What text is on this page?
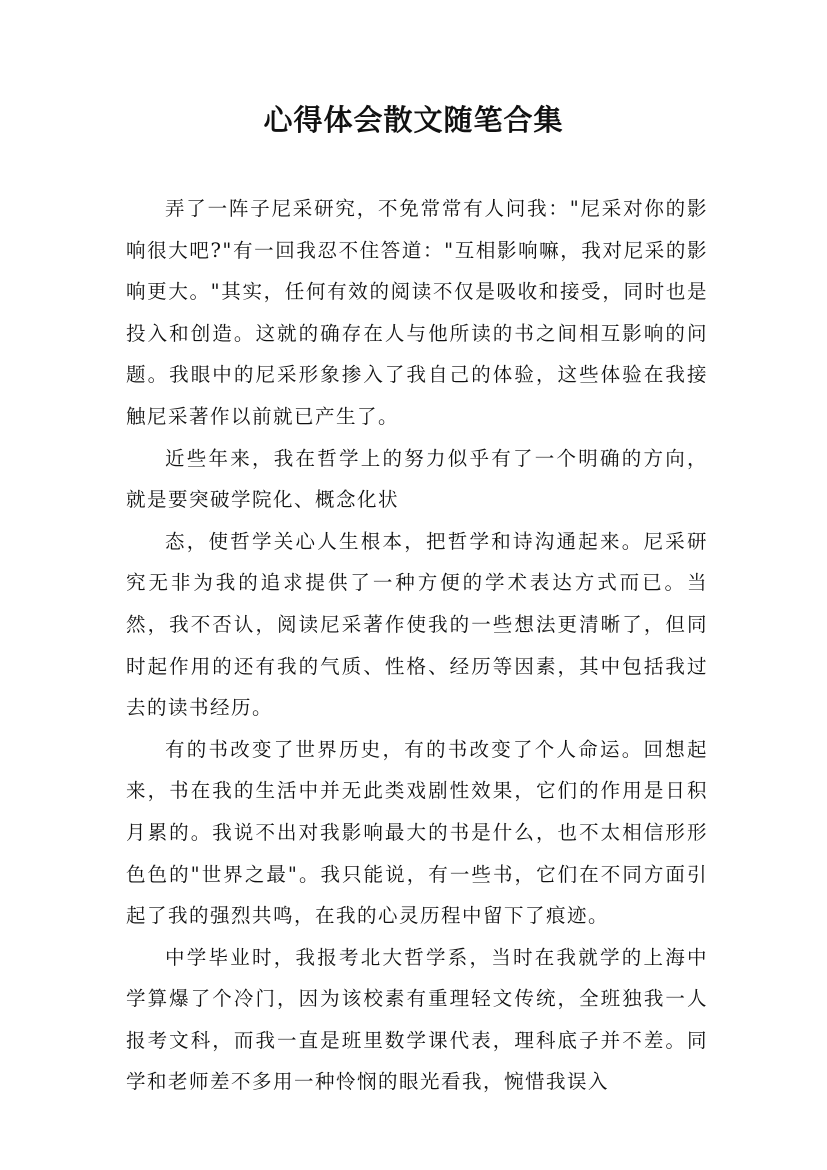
心得体会散文随笔合集

弄了一阵子尼采研究，不免常常有人问我："尼采对你的影响很大吧?"有一回我忍不住答道："互相影响嘛，我对尼采的影响更大。"其实，任何有效的阅读不仅是吸收和接受，同时也是投入和创造。这就的确存在人与他所读的书之间相互影响的问题。我眼中的尼采形象掺入了我自己的体验，这些体验在我接触尼采著作以前就已产生了。

近些年来，我在哲学上的努力似乎有了一个明确的方向，就是要突破学院化、概念化状

态，使哲学关心人生根本，把哲学和诗沟通起来。尼采研究无非为我的追求提供了一种方便的学术表达方式而已。当然，我不否认，阅读尼采著作使我的一些想法更清晰了，但同时起作用的还有我的气质、性格、经历等因素，其中包括我过去的读书经历。

有的书改变了世界历史，有的书改变了个人命运。回想起来，书在我的生活中并无此类戏剧性效果，它们的作用是日积月累的。我说不出对我影响最大的书是什么，也不太相信形形色色的"世界之最"。我只能说，有一些书，它们在不同方面引起了我的强烈共鸣，在我的心灵历程中留下了痕迹。

中学毕业时，我报考北大哲学系，当时在我就学的上海中学算爆了个冷门，因为该校素有重理轻文传统，全班独我一人报考文科，而我一直是班里数学课代表，理科底子并不差。同学和老师差不多用一种怜悯的眼光看我，惋惜我误入
